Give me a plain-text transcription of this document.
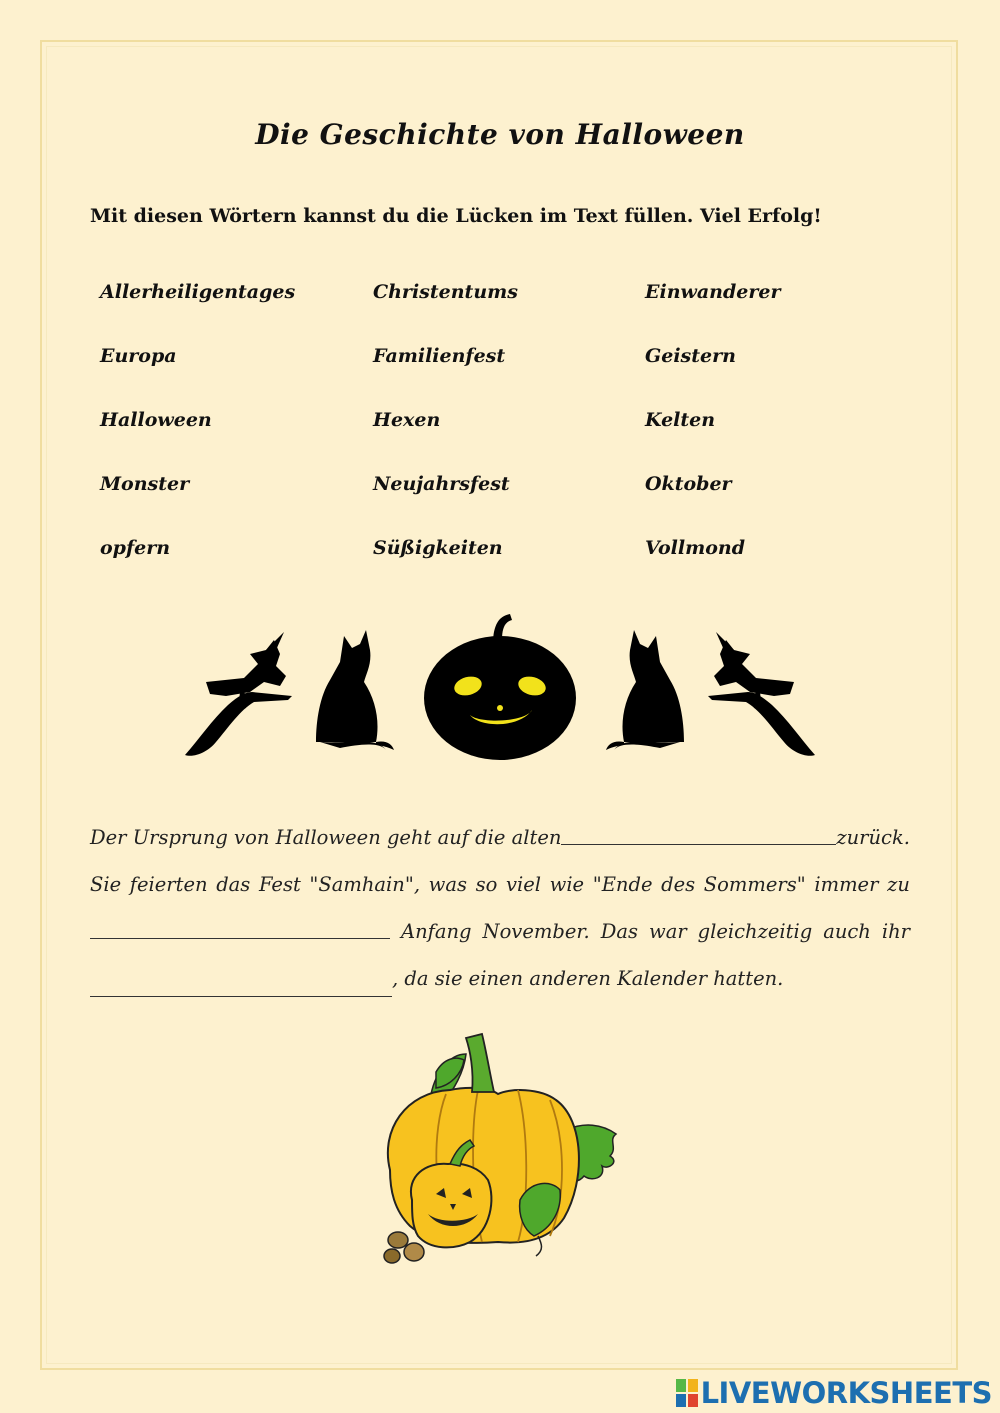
Die Geschichte von Halloween
Mit diesen Wörtern kannst du die Lücken im Text füllen. Viel Erfolg!
Allerheiligentages	Christentums	Einwanderer
Europa	Familienfest	Geistern
Halloween	Hexen	Kelten
Monster	Neujahrsfest	Oktober
opfern	Süßigkeiten	Vollmond
Der Ursprung von Halloween geht auf die alten	zurück.
Sie feierten das Fest "Samhain", was so viel wie "Ende des Sommers" immer zu
Anfang November. Das war gleichzeitig auch ihr
, da sie einen anderen Kalender hatten.
LIVEWORKSHEETS
